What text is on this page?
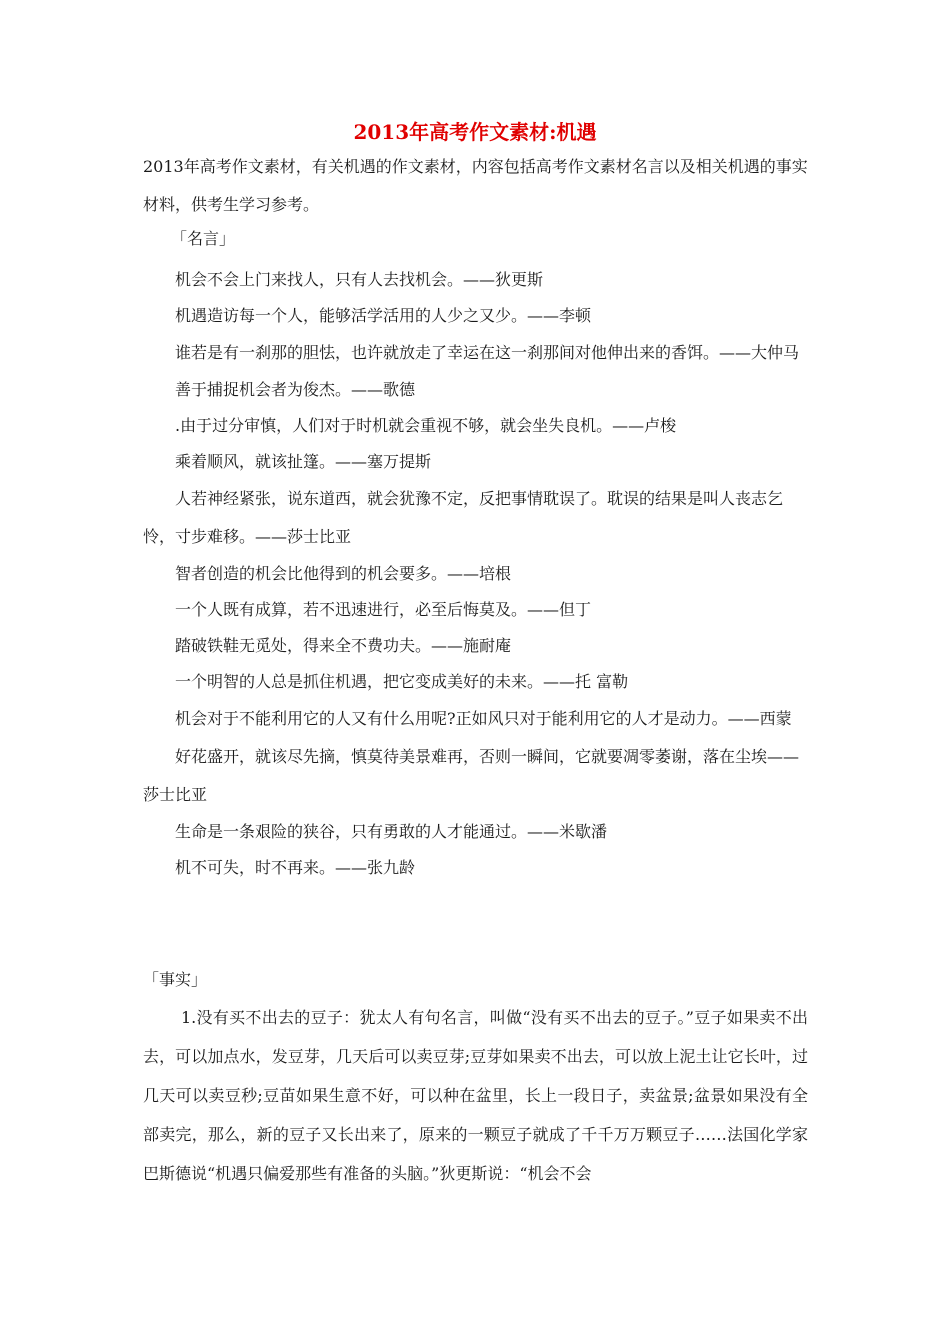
2013年高考作文素材:机遇

2013年高考作文素材，有关机遇的作文素材，内容包括高考作文素材名言以及相关机遇的事实材料，供考生学习参考。

「名言」
机会不会上门来找人，只有人去找机会。——狄更斯
机遇造访每一个人，能够活学活用的人少之又少。——李顿
谁若是有一刹那的胆怯，也许就放走了幸运在这一刹那间对他伸出来的香饵。——大仲马
善于捕捉机会者为俊杰。——歌德
.由于过分审慎，人们对于时机就会重视不够，就会坐失良机。——卢梭
乘着顺风，就该扯篷。——塞万提斯
人若神经紧张，说东道西，就会犹豫不定，反把事情耽误了。耽误的结果是叫人丧志乞怜，寸步难移。——莎士比亚
智者创造的机会比他得到的机会要多。——培根
一个人既有成算，若不迅速进行，必至后悔莫及。——但丁
踏破铁鞋无觅处，得来全不费功夫。——施耐庵
一个明智的人总是抓住机遇，把它变成美好的未来。——托 富勒
机会对于不能利用它的人又有什么用呢?正如风只对于能利用它的人才是动力。——西蒙
好花盛开，就该尽先摘，慎莫待美景难再，否则一瞬间，它就要凋零萎谢，落在尘埃——莎士比亚
生命是一条艰险的狭谷，只有勇敢的人才能通过。——米歇潘
机不可失，时不再来。——张九龄
「事实」

1.没有买不出去的豆子：犹太人有句名言，叫做“没有买不出去的豆子。”豆子如果卖不出去，可以加点水，发豆芽，几天后可以卖豆芽;豆芽如果卖不出去，可以放上泥土让它长叶，过几天可以卖豆秒;豆苗如果生意不好，可以种在盆里，长上一段日子，卖盆景;盆景如果没有全部卖完，那么，新的豆子又长出来了，原来的一颗豆子就成了千千万万颗豆子……法国化学家巴斯德说“机遇只偏爱那些有准备的头脑。”狄更斯说：“机会不会
